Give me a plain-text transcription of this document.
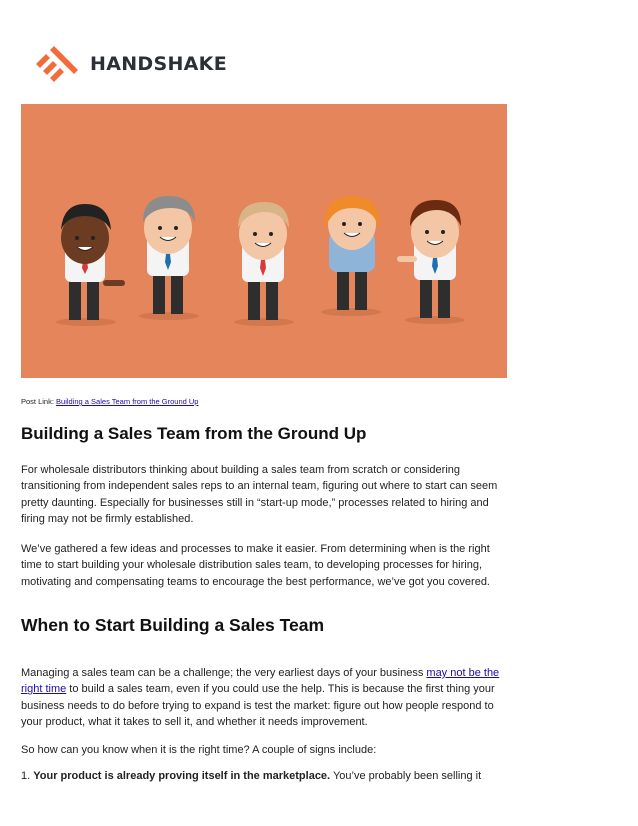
HANDSHAKE
Post Link: Building a Sales Team from the Ground Up
Building a Sales Team from the Ground Up

For wholesale distributors thinking about building a sales team from scratch or considering transitioning from independent sales reps to an internal team, figuring out where to start can seem pretty daunting. Especially for businesses still in “start-up mode,” processes related to hiring and firing may not be firmly established.

We’ve gathered a few ideas and processes to make it easier. From determining when is the right time to start building your wholesale distribution sales team, to developing processes for hiring, motivating and compensating teams to encourage the best performance, we’ve got you covered.

When to Start Building a Sales Team

Managing a sales team can be a challenge; the very earliest days of your business may not be the right time to build a sales team, even if you could use the help. This is because the first thing your business needs to do before trying to expand is test the market: figure out how people respond to your product, what it takes to sell it, and whether it needs improvement.

So how can you know when it is the right time? A couple of signs include:

1. Your product is already proving itself in the marketplace. You’ve probably been selling it
